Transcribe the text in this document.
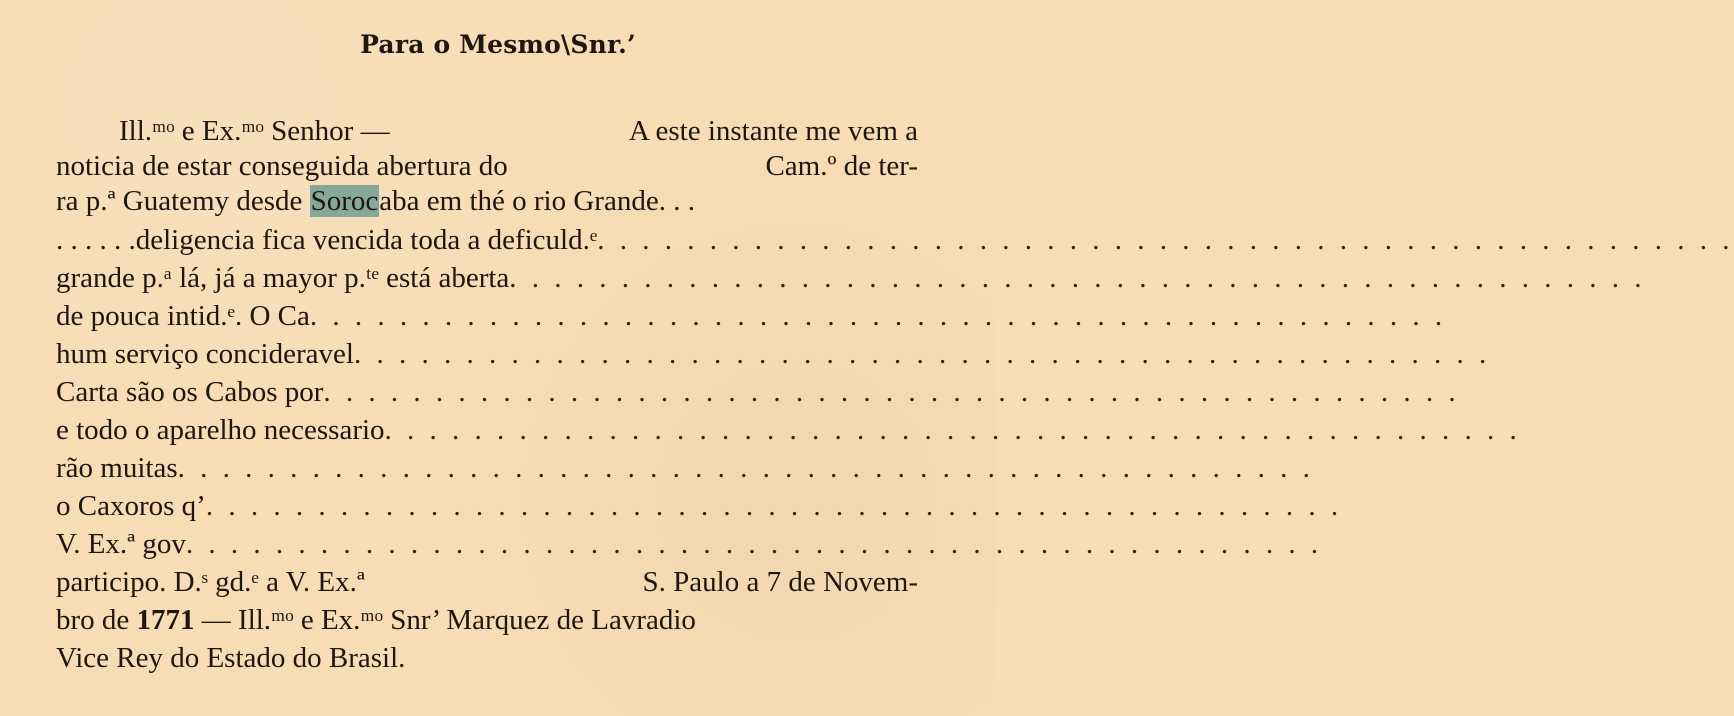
Para o Mesmo\Snr.’
Ill.ᵐᵒ e Ex.ᵐᵒ Senhor —	A este instante me vem a
noticia de estar conseguida abertura do	Cam.º de ter-
ra p.ª Guatemy desde Sorocaba em thé o rio Grande. . .
. . . . . .deligencia fica vencida toda a deficuld.ᵉ . . . . . . . . . . . . . . . . . . . . . . . . . . . . . . . . . . . . . . . . . . . . . . . . . . .
grande p.ᵃ lá, já a mayor p.ᵗᵉ está aberta . . . . . . . . . . . . . . . . . . . . . . . . . . . . . . . . . . . . . . . . . . . . . . . . . . .
de pouca intid.ᵉ. O Ca . . . . . . . . . . . . . . . . . . . . . . . . . . . . . . . . . . . . . . . . . . . . . . . . . . .
hum serviço concideravel . . . . . . . . . . . . . . . . . . . . . . . . . . . . . . . . . . . . . . . . . . . . . . . . . . .
Carta são os Cabos por . . . . . . . . . . . . . . . . . . . . . . . . . . . . . . . . . . . . . . . . . . . . . . . . . . .
e todo o aparelho necessario . . . . . . . . . . . . . . . . . . . . . . . . . . . . . . . . . . . . . . . . . . . . . . . . . . .
rão muitas . . . . . . . . . . . . . . . . . . . . . . . . . . . . . . . . . . . . . . . . . . . . . . . . . . .
o Caxoros q’ . . . . . . . . . . . . . . . . . . . . . . . . . . . . . . . . . . . . . . . . . . . . . . . . . . .
V. Ex.ª gov . . . . . . . . . . . . . . . . . . . . . . . . . . . . . . . . . . . . . . . . . . . . . . . . . . .
participo. D.ˢ gd.ᵉ a V. Ex.ª	S. Paulo a 7 de Novem-
bro de 1771 — Ill.ᵐᵒ e Ex.ᵐᵒ Snr’ Marquez de Lavradio
Vice Rey do Estado do Brasil.
